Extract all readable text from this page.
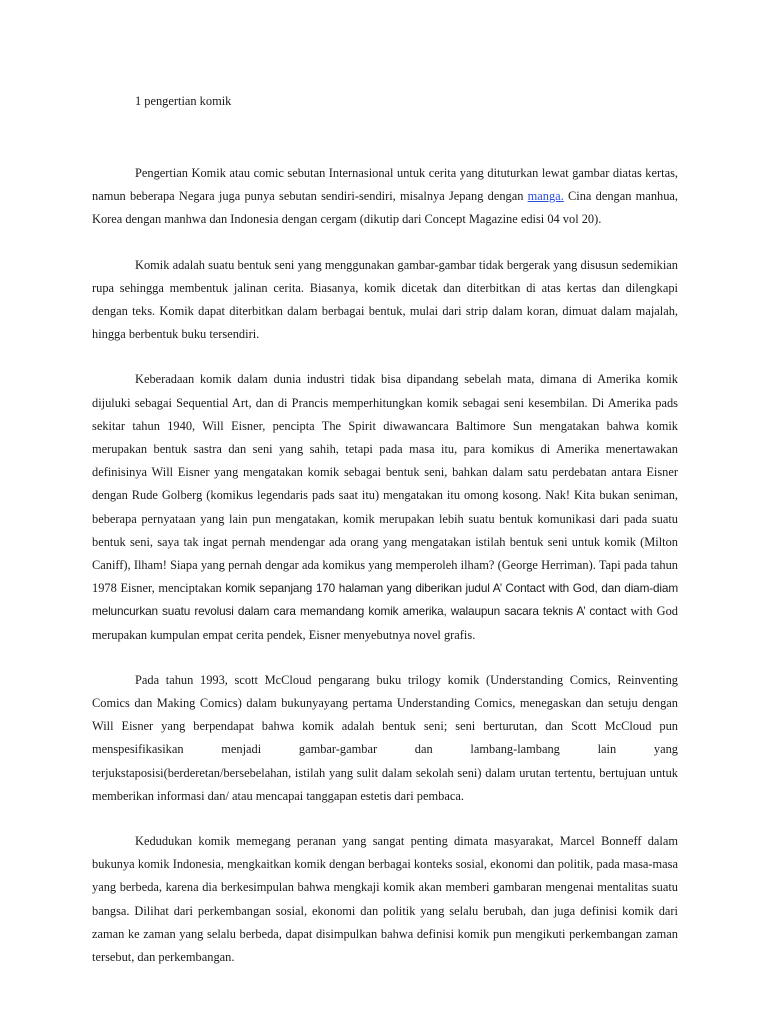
1 pengertian komik

Pengertian Komik atau comic sebutan Internasional untuk cerita yang dituturkan lewat gambar diatas kertas, namun beberapa Negara juga punya sebutan sendiri-sendiri, misalnya Jepang dengan manga. Cina dengan manhua, Korea dengan manhwa dan Indonesia dengan cergam (dikutip dari Concept Magazine edisi 04 vol 20).

Komik adalah suatu bentuk seni yang menggunakan gambar-gambar tidak bergerak yang disusun sedemikian rupa sehingga membentuk jalinan cerita. Biasanya, komik dicetak dan diterbitkan di atas kertas dan dilengkapi dengan teks. Komik dapat diterbitkan dalam berbagai bentuk, mulai dari strip dalam koran, dimuat dalam majalah, hingga berbentuk buku tersendiri.

Keberadaan komik dalam dunia industri tidak bisa dipandang sebelah mata, dimana di Amerika komik dijuluki sebagai Sequential Art, dan di Prancis memperhitungkan komik sebagai seni kesembilan. Di Amerika pads sekitar tahun 1940, Will Eisner, pencipta The Spirit diwawancara Baltimore Sun mengatakan bahwa komik merupakan bentuk sastra dan seni yang sahih, tetapi pada masa itu, para komikus di Amerika menertawakan definisinya Will Eisner yang mengatakan komik sebagai bentuk seni, bahkan dalam satu perdebatan antara Eisner dengan Rude Golberg (komikus legendaris pads saat itu) mengatakan itu omong kosong. Nak! Kita bukan seniman, beberapa pernyataan yang lain pun mengatakan, komik merupakan lebih suatu bentuk komunikasi dari pada suatu bentuk seni, saya tak ingat pernah mendengar ada orang yang mengatakan istilah bentuk seni untuk komik (Milton Caniff), Ilham! Siapa yang pernah dengar ada komikus yang memperoleh ilham? (George Herriman). Tapi pada tahun 1978 Eisner, menciptakan komik sepanjang 170 halaman yang diberikan judul A’ Contact with God, dan diam-diam meluncurkan suatu revolusi dalam cara memandang komik amerika, walaupun sacara teknis A’ contact with God merupakan kumpulan empat cerita pendek, Eisner menyebutnya novel grafis.

Pada tahun 1993, scott McCloud pengarang buku trilogy komik (Understanding Comics, Reinventing Comics dan Making Comics) dalam bukunyayang pertama Understanding Comics, menegaskan dan setuju dengan Will Eisner yang berpendapat bahwa komik adalah bentuk seni; seni berturutan, dan Scott McCloud pun menspesifikasikan menjadi gambar-gambar dan lambang-lambang lain yang
terjukstaposisi(berderetan/bersebelahan, istilah yang sulit dalam sekolah seni) dalam urutan tertentu, bertujuan untuk memberikan informasi dan/ atau mencapai tanggapan estetis dari pembaca.

Kedudukan komik memegang peranan yang sangat penting dimata masyarakat, Marcel Bonneff dalam bukunya komik Indonesia, mengkaitkan komik dengan berbagai konteks sosial, ekonomi dan politik, pada masa-masa yang berbeda, karena dia berkesimpulan bahwa mengkaji komik akan memberi gambaran mengenai mentalitas suatu bangsa. Dilihat dari perkembangan sosial, ekonomi dan politik yang selalu berubah, dan juga definisi komik dari zaman ke zaman yang selalu berbeda, dapat disimpulkan bahwa definisi komik pun mengikuti perkembangan zaman tersebut, dan perkembangan.
